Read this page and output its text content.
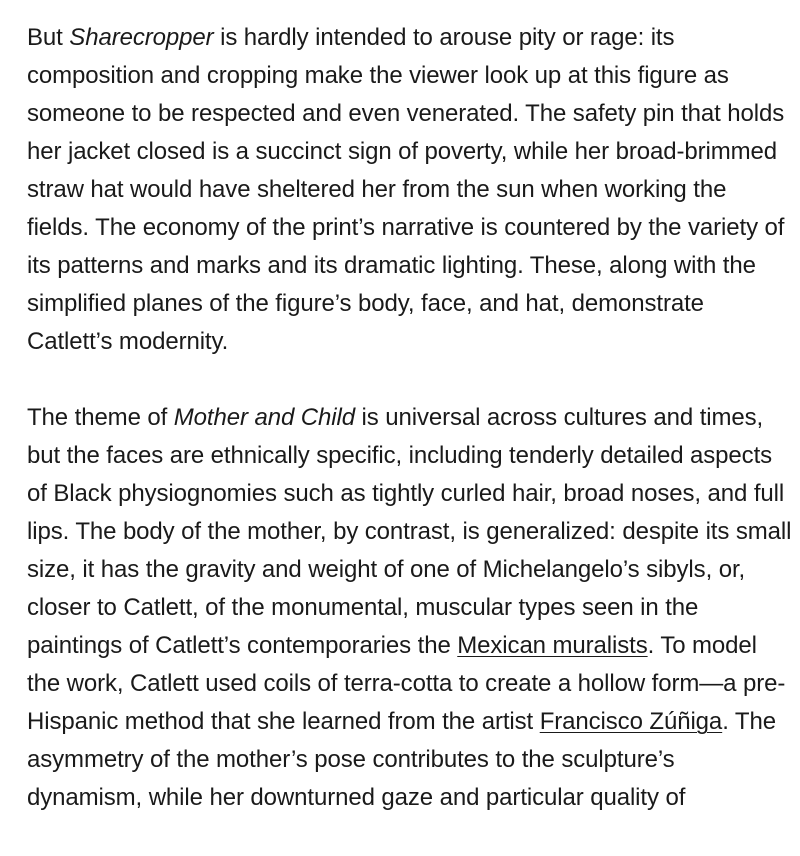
But Sharecropper is hardly intended to arouse pity or rage: its composition and cropping make the viewer look up at this figure as someone to be respected and even venerated. The safety pin that holds her jacket closed is a succinct sign of poverty, while her broad-brimmed straw hat would have sheltered her from the sun when working the fields. The economy of the print’s narrative is countered by the variety of its patterns and marks and its dramatic lighting. These, along with the simplified planes of the figure’s body, face, and hat, demonstrate Catlett’s modernity.

The theme of Mother and Child is universal across cultures and times, but the faces are ethnically specific, including tenderly detailed aspects of Black physiognomies such as tightly curled hair, broad noses, and full lips. The body of the mother, by contrast, is generalized: despite its small size, it has the gravity and weight of one of Michelangelo’s sibyls, or, closer to Catlett, of the monumental, muscular types seen in the paintings of Catlett’s contemporaries the Mexican muralists. To model the work, Catlett used coils of terra-cotta to create a hollow form—a pre-Hispanic method that she learned from the artist Francisco Zúñiga. The asymmetry of the mother’s pose contributes to the sculpture’s dynamism, while her downturned gaze and particular quality of
